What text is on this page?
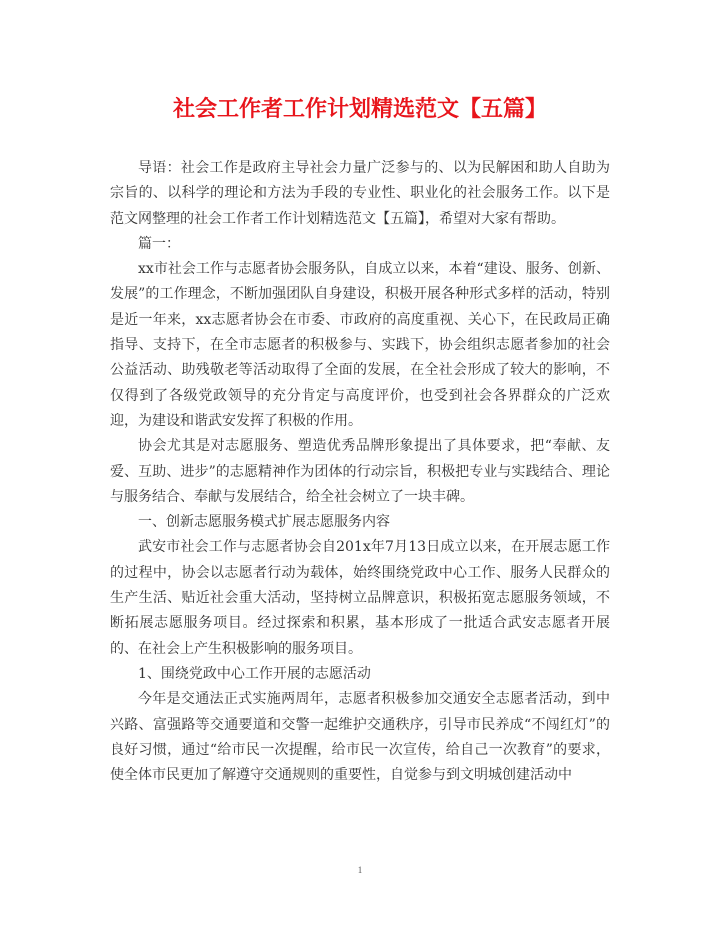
社会工作者工作计划精选范文【五篇】

导语：社会工作是政府主导社会力量广泛参与的、以为民解困和助人自助为宗旨的、以科学的理论和方法为手段的专业性、职业化的社会服务工作。以下是范文网整理的社会工作者工作计划精选范文【五篇】，希望对大家有帮助。

篇一：

xx市社会工作与志愿者协会服务队，自成立以来，本着“建设、服务、创新、发展”的工作理念，不断加强团队自身建设，积极开展各种形式多样的活动，特别是近一年来，xx志愿者协会在市委、市政府的高度重视、关心下，在民政局正确指导、支持下，在全市志愿者的积极参与、实践下，协会组织志愿者参加的社会公益活动、助残敬老等活动取得了全面的发展，在全社会形成了较大的影响，不仅得到了各级党政领导的充分肯定与高度评价，也受到社会各界群众的广泛欢迎，为建设和谐武安发挥了积极的作用。

协会尤其是对志愿服务、塑造优秀品牌形象提出了具体要求，把“奉献、友爱、互助、进步”的志愿精神作为团体的行动宗旨，积极把专业与实践结合、理论与服务结合、奉献与发展结合，给全社会树立了一块丰碑。

一、创新志愿服务模式扩展志愿服务内容

武安市社会工作与志愿者协会自201x年7月13日成立以来，在开展志愿工作的过程中，协会以志愿者行动为载体，始终围绕党政中心工作、服务人民群众的生产生活、贴近社会重大活动，坚持树立品牌意识，积极拓宽志愿服务领域，不断拓展志愿服务项目。经过探索和积累，基本形成了一批适合武安志愿者开展的、在社会上产生积极影响的服务项目。

1、围绕党政中心工作开展的志愿活动

今年是交通法正式实施两周年，志愿者积极参加交通安全志愿者活动，到中兴路、富强路等交通要道和交警一起维护交通秩序，引导市民养成“不闯红灯”的良好习惯，通过“给市民一次提醒，给市民一次宣传，给自己一次教育”的要求，使全体市民更加了解遵守交通规则的重要性，自觉参与到文明城创建活动中

1
